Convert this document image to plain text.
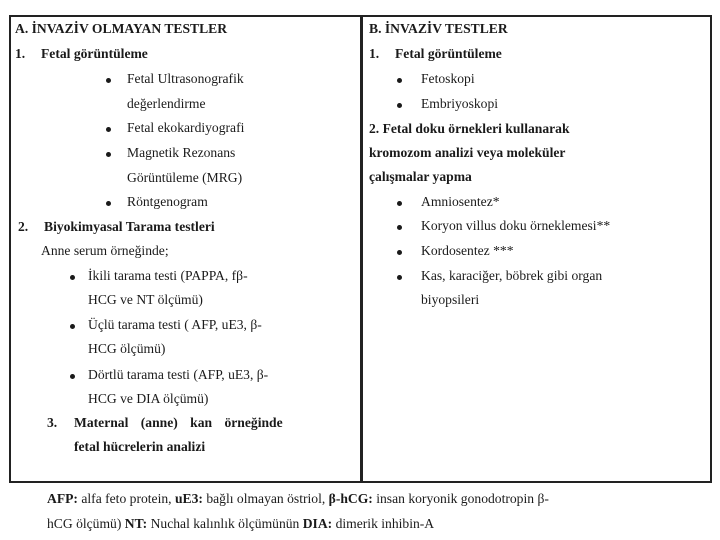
A. İNVAZİV OLMAYAN TESTLER
1. Fetal görüntüleme
Fetal Ultrasonografik
değerlendirme
Fetal ekokardiyografi
Magnetik Rezonans
Görüntüleme (MRG)
Röntgenogram
2. Biyokimyasal Tarama testleri
Anne serum örneğinde;
İkili tarama testi (PAPPA, fβ-
HCG ve NT ölçümü)
Üçlü tarama testi ( AFP, uE3, β-
HCG ölçümü)
Dörtlü tarama testi (AFP, uE3, β-
HCG ve DIA ölçümü)
3. Maternal (anne) kan örneğinde
fetal hücrelerin analizi
B. İNVAZİV TESTLER
1. Fetal görüntüleme
Fetoskopi
Embriyoskopi
2. Fetal doku örnekleri kullanarak
kromozom analizi veya moleküler
çalışmalar yapma
Amniosentez*
Koryon villus doku örneklemesi**
Kordosentez ***
Kas, karaciğer, böbrek gibi organ
biyopsileri
AFP: alfa feto protein, uE3: bağlı olmayan östriol, β-hCG: insan koryonik gonodotropin β-
hCG ölçümü) NT: Nuchal kalınlık ölçümünün DIA: dimerik inhibin-A
